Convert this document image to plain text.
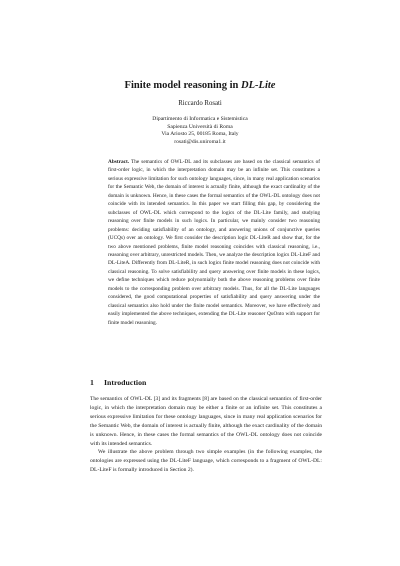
Finite model reasoning in DL-Lite
Riccardo Rosati
Dipartimento di Informatica e Sistemistica
Sapienza Università di Roma
Via Ariosto 25, 00185 Roma, Italy
rosati@dis.uniroma1.it
Abstract. The semantics of OWL-DL and its subclasses are based on the classical semantics of first-order logic, in which the interpretation domain may be an infinite set. This constitutes a serious expressive limitation for such ontology languages, since, in many real application scenarios for the Semantic Web, the domain of interest is actually finite, although the exact cardinality of the domain is unknown. Hence, in these cases the formal semantics of the OWL-DL ontology does not coincide with its intended semantics. In this paper we start filling this gap, by considering the subclasses of OWL-DL which correspond to the logics of the DL-Lite family, and studying reasoning over finite models in such logics. In particular, we mainly consider two reasoning problems: deciding satisfiability of an ontology, and answering unions of conjunctive queries (UCQs) over an ontology. We first consider the description logic DL-LiteR and show that, for the two above mentioned problems, finite model reasoning coincides with classical reasoning, i.e., reasoning over arbitrary, unrestricted models. Then, we analyze the description logics DL-LiteF and DL-LiteA. Differently from DL-LiteR, in such logics finite model reasoning does not coincide with classical reasoning. To solve satisfiability and query answering over finite models in these logics, we define techniques which reduce polynomially both the above reasoning problems over finite models to the corresponding problem over arbitrary models. Thus, for all the DL-Lite languages considered, the good computational properties of satisfiability and query answering under the classical semantics also hold under the finite model semantics. Moreover, we have effectively and easily implemented the above techniques, extending the DL-Lite reasoner QuOnto with support for finite model reasoning.
1 Introduction

The semantics of OWL-DL [3] and its fragments [8] are based on the classical semantics of first-order logic, in which the interpretation domain may be either a finite or an infinite set. This constitutes a serious expressive limitation for these ontology languages, since in many real application scenarios for the Semantic Web, the domain of interest is actually finite, although the exact cardinality of the domain is unknown. Hence, in these cases the formal semantics of the OWL-DL ontology does not coincide with its intended semantics.

We illustrate the above problem through two simple examples (in the following examples, the ontologies are expressed using the DL-LiteF language, which corresponds to a fragment of OWL-DL: DL-LiteF is formally introduced in Section 2).
